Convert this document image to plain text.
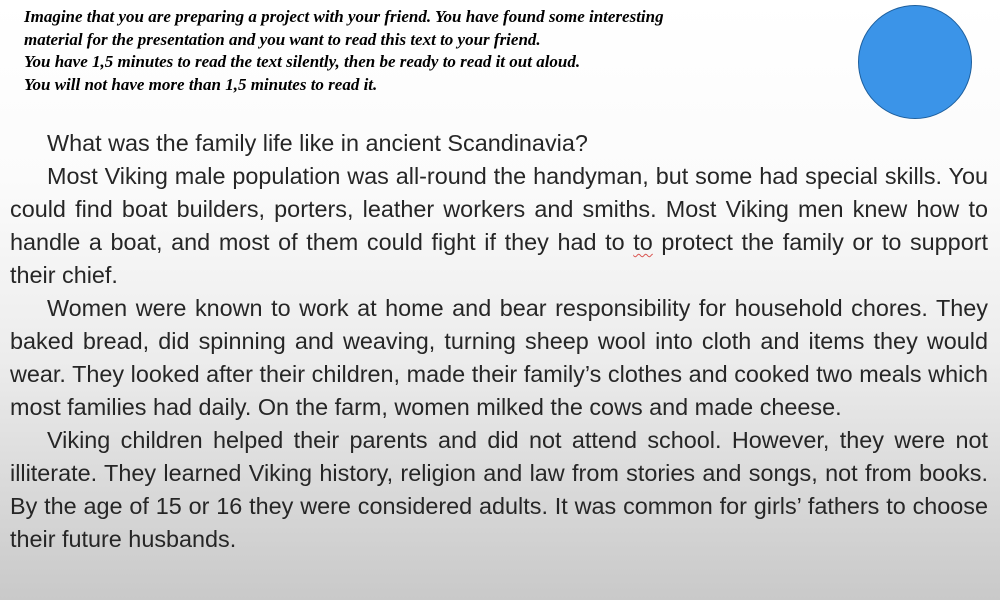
Imagine that you are preparing a project with your friend. You have found some interesting
material for the presentation and you want to read this text to your friend.
You have 1,5 minutes to read the text silently, then be ready to read it out aloud.
You will not have more than 1,5 minutes to read it.

What was the family life like in ancient Scandinavia?

Most Viking male population was all-round the handyman, but some had special skills. You could find boat builders, porters, leather workers and smiths. Most Viking men knew how to handle a boat, and most of them could fight if they had to to protect the family or to support their chief.

Women were known to work at home and bear responsibility for household chores. They baked bread, did spinning and weaving, turning sheep wool into cloth and items they would wear. They looked after their children, made their family’s clothes and cooked two meals which most families had daily. On the farm, women milked the cows and made cheese.

Viking children helped their parents and did not attend school. However, they were not illiterate. They learned Viking history, religion and law from stories and songs, not from books. By the age of 15 or 16 they were considered adults. It was common for girls’ fathers to choose their future husbands.
